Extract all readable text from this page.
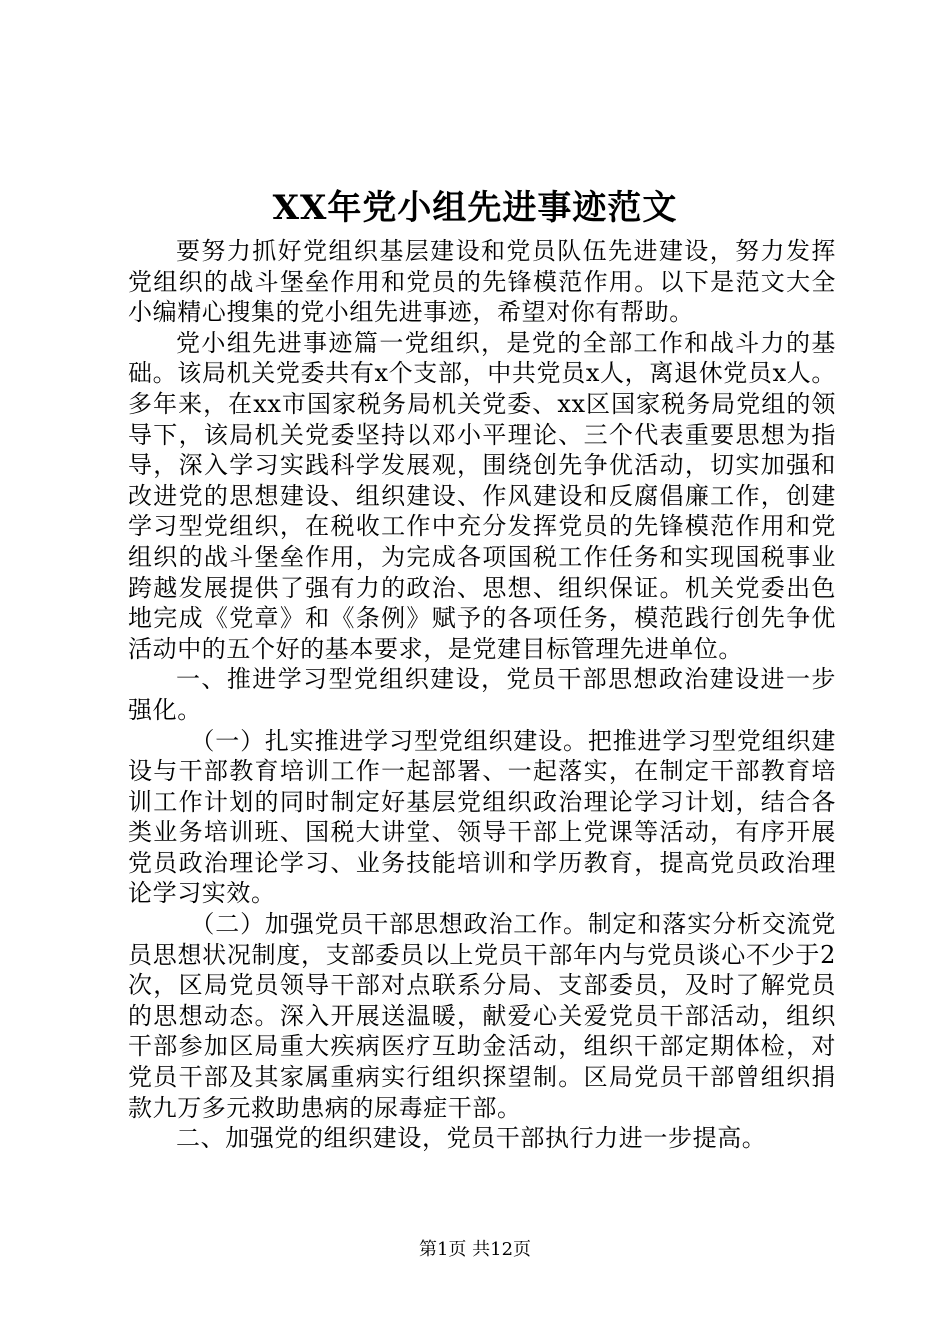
XX年党小组先进事迹范文

要努力抓好党组织基层建设和党员队伍先进建设，努力发挥党组织的战斗堡垒作用和党员的先锋模范作用。以下是范文大全小编精心搜集的党小组先进事迹，希望对你有帮助。

党小组先进事迹篇一党组织，是党的全部工作和战斗力的基础。该局机关党委共有x个支部，中共党员x人，离退休党员x人。多年来，在xx市国家税务局机关党委、xx区国家税务局党组的领导下，该局机关党委坚持以邓小平理论、三个代表重要思想为指导，深入学习实践科学发展观，围绕创先争优活动，切实加强和改进党的思想建设、组织建设、作风建设和反腐倡廉工作，创建学习型党组织，在税收工作中充分发挥党员的先锋模范作用和党组织的战斗堡垒作用，为完成各项国税工作任务和实现国税事业跨越发展提供了强有力的政治、思想、组织保证。机关党委出色地完成《党章》和《条例》赋予的各项任务，模范践行创先争优活动中的五个好的基本要求，是党建目标管理先进单位。

一、推进学习型党组织建设，党员干部思想政治建设进一步强化。

（一）扎实推进学习型党组织建设。把推进学习型党组织建设与干部教育培训工作一起部署、一起落实，在制定干部教育培训工作计划的同时制定好基层党组织政治理论学习计划，结合各类业务培训班、国税大讲堂、领导干部上党课等活动，有序开展党员政治理论学习、业务技能培训和学历教育，提高党员政治理论学习实效。

（二）加强党员干部思想政治工作。制定和落实分析交流党员思想状况制度，支部委员以上党员干部年内与党员谈心不少于2次，区局党员领导干部对点联系分局、支部委员，及时了解党员的思想动态。深入开展送温暖，献爱心关爱党员干部活动，组织干部参加区局重大疾病医疗互助金活动，组织干部定期体检，对党员干部及其家属重病实行组织探望制。区局党员干部曾组织捐款九万多元救助患病的尿毒症干部。

二、加强党的组织建设，党员干部执行力进一步提高。

第1页 共12页
